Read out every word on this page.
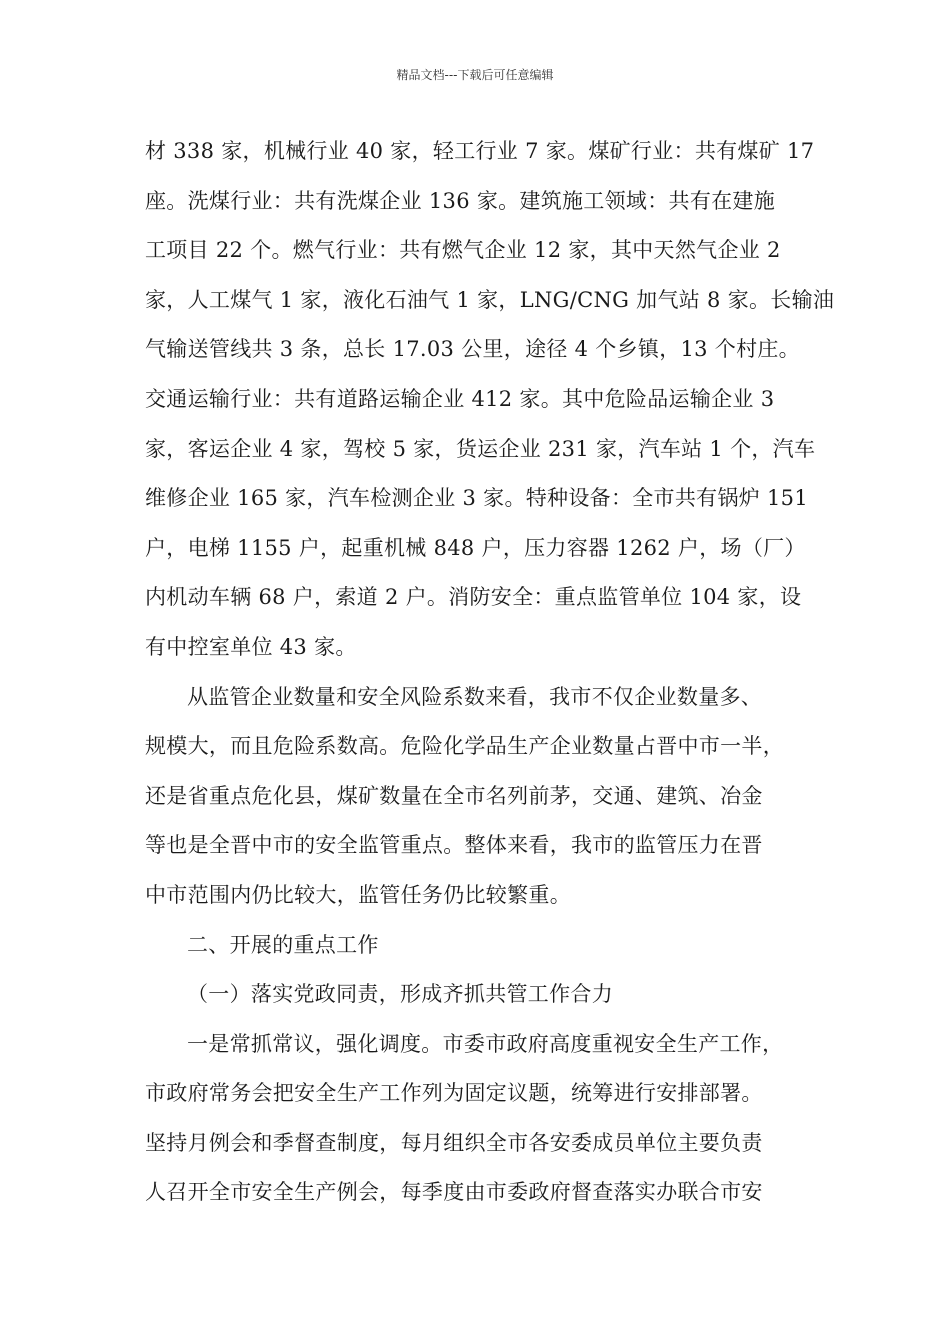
精品文档---下载后可任意编辑
材 338 家，机械行业 40 家，轻工行业 7 家。煤矿行业：共有煤矿 17
座。洗煤行业：共有洗煤企业 136 家。建筑施工领域：共有在建施
工项目 22 个。燃气行业：共有燃气企业 12 家，其中天然气企业 2
家，人工煤气 1 家，液化石油气 1 家，LNG/CNG 加气站 8 家。长输油
气输送管线共 3 条，总长 17.03 公里，途径 4 个乡镇，13 个村庄。
交通运输行业：共有道路运输企业 412 家。其中危险品运输企业 3
家，客运企业 4 家，驾校 5 家，货运企业 231 家，汽车站 1 个，汽车
维修企业 165 家，汽车检测企业 3 家。特种设备：全市共有锅炉 151
户，电梯 1155 户，起重机械 848 户，压力容器 1262 户，场（厂）
内机动车辆 68 户，索道 2 户。消防安全：重点监管单位 104 家，设
有中控室单位 43 家。
从监管企业数量和安全风险系数来看，我市不仅企业数量多、
规模大，而且危险系数高。危险化学品生产企业数量占晋中市一半，
还是省重点危化县，煤矿数量在全市名列前茅，交通、建筑、冶金
等也是全晋中市的安全监管重点。整体来看，我市的监管压力在晋
中市范围内仍比较大，监管任务仍比较繁重。
二、开展的重点工作
（一）落实党政同责，形成齐抓共管工作合力
一是常抓常议，强化调度。市委市政府高度重视安全生产工作，
市政府常务会把安全生产工作列为固定议题，统筹进行安排部署。
坚持月例会和季督查制度，每月组织全市各安委成员单位主要负责
人召开全市安全生产例会，每季度由市委政府督查落实办联合市安
